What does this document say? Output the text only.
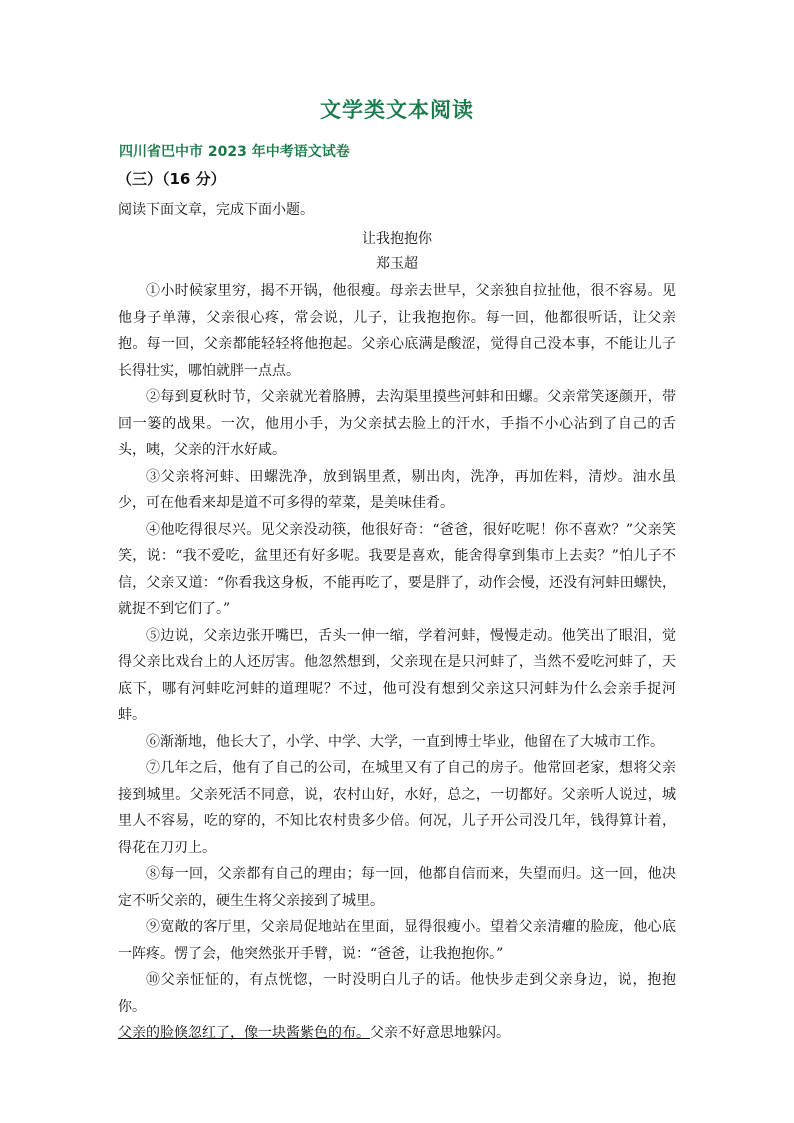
文学类文本阅读
四川省巴中市 2023 年中考语文试卷
（三）（16 分）
阅读下面文章，完成下面小题。
让我抱抱你
郑玉超

①小时候家里穷，揭不开锅，他很瘦。母亲去世早，父亲独自拉扯他，很不容易。见他身子单薄，父亲很心疼，常会说，儿子，让我抱抱你。每一回，他都很听话，让父亲抱。每一回，父亲都能轻轻将他抱起。父亲心底满是酸涩，觉得自己没本事，不能让儿子长得壮实，哪怕就胖一点点。

②每到夏秋时节，父亲就光着胳膊，去沟渠里摸些河蚌和田螺。父亲常笑逐颜开，带回一篓的战果。一次，他用小手，为父亲拭去脸上的汗水，手指不小心沾到了自己的舌头，咦，父亲的汗水好咸。

③父亲将河蚌、田螺洗净，放到锅里煮，剔出肉，洗净，再加佐料，清炒。油水虽少，可在他看来却是道不可多得的荤菜，是美味佳肴。

④他吃得很尽兴。见父亲没动筷，他很好奇：“爸爸，很好吃呢！你不喜欢？”父亲笑笑，说：“我不爱吃，盆里还有好多呢。我要是喜欢，能舍得拿到集市上去卖？”怕儿子不信，父亲又道：“你看我这身板，不能再吃了，要是胖了，动作会慢，还没有河蚌田螺快，就捉不到它们了。”

⑤边说，父亲边张开嘴巴，舌头一伸一缩，学着河蚌，慢慢走动。他笑出了眼泪，觉得父亲比戏台上的人还厉害。他忽然想到，父亲现在是只河蚌了，当然不爱吃河蚌了，天底下，哪有河蚌吃河蚌的道理呢？不过，他可没有想到父亲这只河蚌为什么会亲手捉河蚌。

⑥渐渐地，他长大了，小学、中学、大学，一直到博士毕业，他留在了大城市工作。

⑦几年之后，他有了自己的公司，在城里又有了自己的房子。他常回老家，想将父亲接到城里。父亲死活不同意，说，农村山好，水好，总之，一切都好。父亲听人说过，城里人不容易，吃的穿的，不知比农村贵多少倍。何况，儿子开公司没几年，钱得算计着，得花在刀刃上。

⑧每一回，父亲都有自己的理由；每一回，他都自信而来，失望而归。这一回，他决定不听父亲的，硬生生将父亲接到了城里。

⑨宽敞的客厅里，父亲局促地站在里面，显得很瘦小。望着父亲清癯的脸庞，他心底一阵疼。愣了会，他突然张开手臂，说：“爸爸，让我抱抱你。”

⑩父亲怔怔的，有点恍惚，一时没明白儿子的话。他快步走到父亲身边，说，抱抱你。

父亲的脸倏忽红了，像一块酱紫色的布。父亲不好意思地躲闪。
